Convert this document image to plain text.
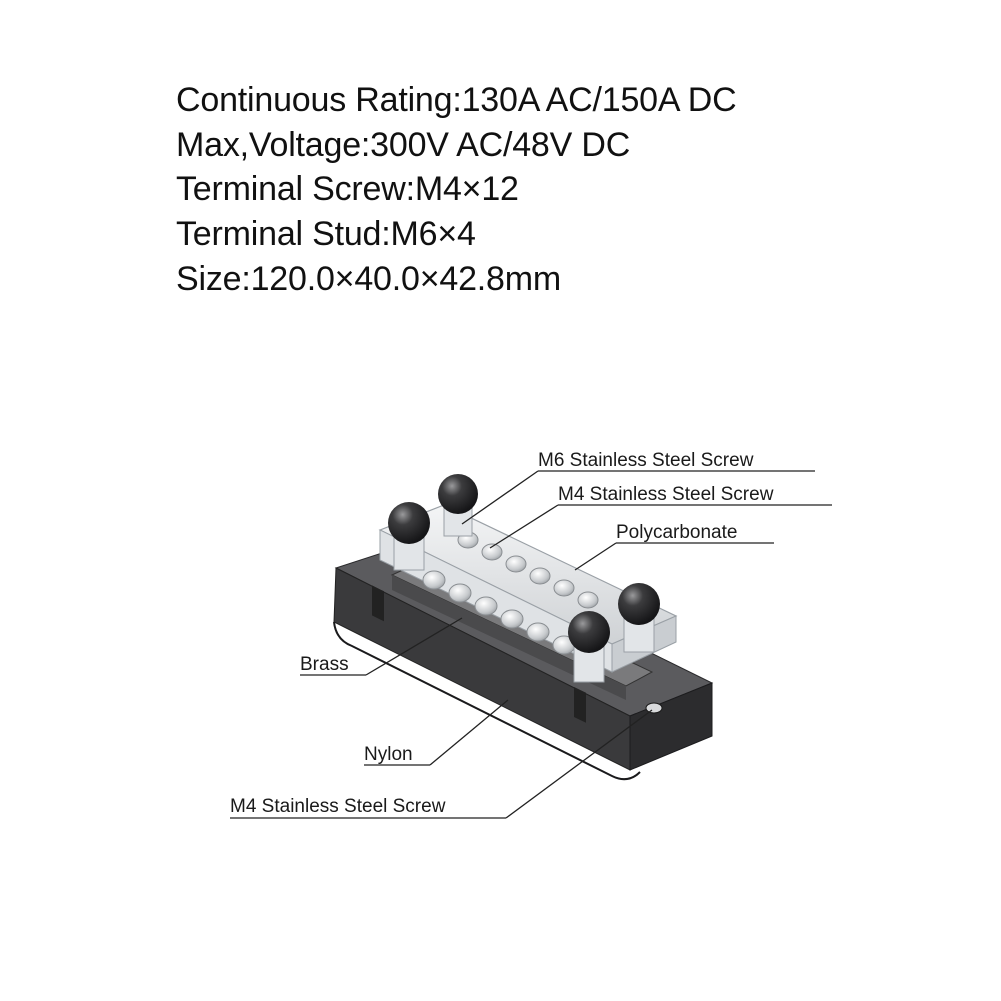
Continuous Rating:130A AC/150A DC
Max,Voltage:300V AC/48V DC
Terminal Screw:M4×12
Terminal Stud:M6×4
Size:120.0×40.0×42.8mm
M6 Stainless Steel Screw
M4 Stainless Steel Screw
Polycarbonate
Brass
Nylon
M4 Stainless Steel Screw
